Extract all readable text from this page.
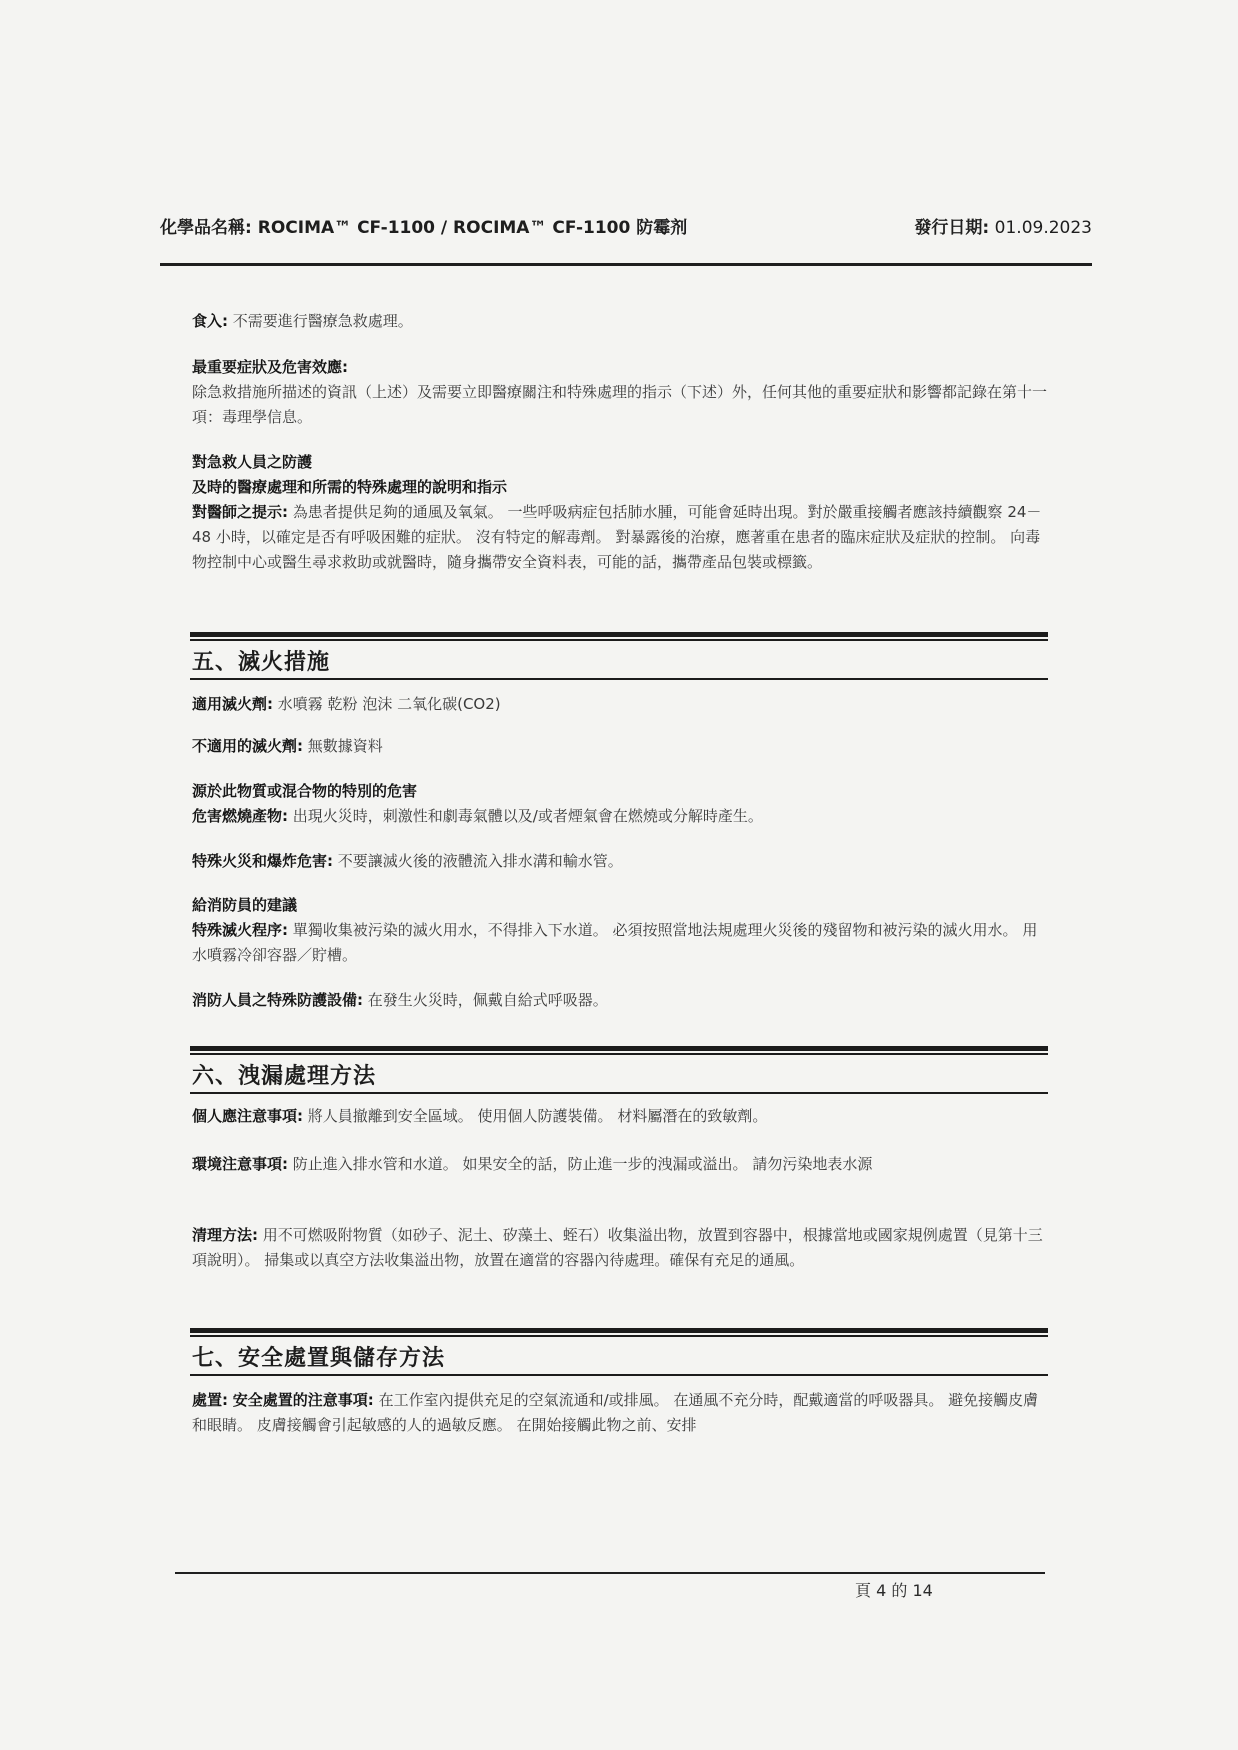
化學品名稱: ROCIMA™ CF-1100 / ROCIMA™ CF-1100 防霉剂	發行日期: 01.09.2023

食入: 不需要進行醫療急救處理。

最重要症狀及危害效應:

除急救措施所描述的資訊（上述）及需要立即醫療關注和特殊處理的指示（下述）外，任何其他的重要症狀和影響都記錄在第十一項：毒理學信息。

對急救人員之防護

及時的醫療處理和所需的特殊處理的說明和指示

對醫師之提示: 為患者提供足夠的通風及氧氣。 一些呼吸病症包括肺水腫，可能會延時出現。對於嚴重接觸者應該持續觀察 24－48 小時，以確定是否有呼吸困難的症狀。 沒有特定的解毒劑。 對暴露後的治療，應著重在患者的臨床症狀及症狀的控制。 向毒物控制中心或醫生尋求救助或就醫時，隨身攜帶安全資料表，可能的話，攜帶產品包裝或標籤。

五、滅火措施

適用滅火劑: 水噴霧 乾粉 泡沫 二氧化碳(CO2)

不適用的滅火劑: 無數據資料

源於此物質或混合物的特別的危害

危害燃燒產物: 出現火災時，刺激性和劇毒氣體以及/或者煙氣會在燃燒或分解時產生。

特殊火災和爆炸危害: 不要讓滅火後的液體流入排水溝和輸水管。

給消防員的建議

特殊滅火程序: 單獨收集被污染的滅火用水，不得排入下水道。 必須按照當地法規處理火災後的殘留物和被污染的滅火用水。 用水噴霧冷卻容器／貯槽。

消防人員之特殊防護設備: 在發生火災時，佩戴自給式呼吸器。

六、洩漏處理方法

個人應注意事項: 將人員撤離到安全區域。 使用個人防護裝備。 材料屬潛在的致敏劑。

環境注意事項: 防止進入排水管和水道。 如果安全的話，防止進一步的洩漏或溢出。 請勿污染地表水源

清理方法: 用不可燃吸附物質（如砂子、泥土、矽藻土、蛭石）收集溢出物，放置到容器中，根據當地或國家規例處置（見第十三項說明）。 掃集或以真空方法收集溢出物，放置在適當的容器內待處理。確保有充足的通風。

七、安全處置與儲存方法

處置: 安全處置的注意事項: 在工作室內提供充足的空氣流通和/或排風。 在通風不充分時，配戴適當的呼吸器具。 避免接觸皮膚和眼睛。 皮膚接觸會引起敏感的人的過敏反應。 在開始接觸此物之前、安排

頁 4 的 14
